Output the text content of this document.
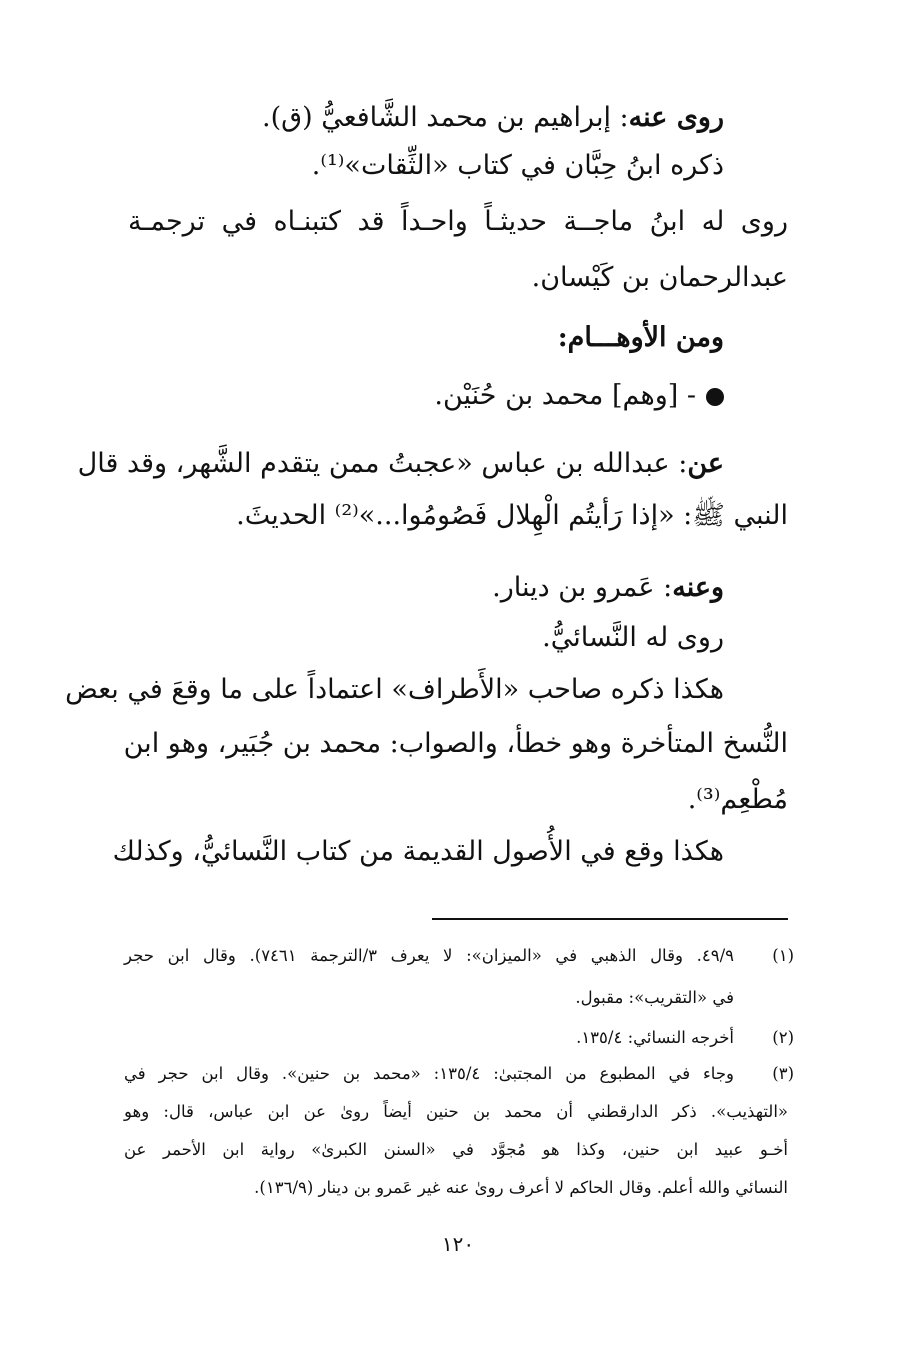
روى عنه: إبراهيم بن محمد الشَّافعيُّ (ق).

ذكره ابنُ حِبَّان في كتاب «الثِّقات»⁽¹⁾.

روى له ابنُ ماجــة حديثـاً واحـداً قد كتبنـاه في ترجمـة

عبدالرحمان بن كَيْسان.

ومن الأوهـــام:

- [وهم] محمد بن حُنَيْن.

عن: عبدالله بن عباس «عجبتُ ممن يتقدم الشَّهر، وقد قال

النبي ﷺ: «إذا رَأيتُم الْهِلال فَصُومُوا...»⁽²⁾ الحديثَ.

وعنه: عَمرو بن دينار.

روى له النَّسائيُّ.

هكذا ذكره صاحب «الأَطراف» اعتماداً على ما وقعَ في بعض

النُّسخ المتأخرة وهو خطأ، والصواب: محمد بن جُبَير، وهو ابن

مُطْعِم⁽³⁾.

هكذا وقع في الأُصول القديمة من كتاب النَّسائيُّ، وكذلك

(١)

٤٩/٩. وقال الذهبي في «الميزان»: لا يعرف ٣/الترجمة ٧٤٦١). وقال ابن حجر

في «التقريب»: مقبول.

(٢)

أخرجه النسائي: ١٣٥/٤.

(٣)

وجاء في المطبوع من المجتبىٰ: ١٣٥/٤: «محمد بن حنين». وقال ابن حجر في

«التهذيب». ذكر الدارقطني أن محمد بن حنين أيضاً روىٰ عن ابن عباس، قال: وهو

أخـو عبيد ابن حنين، وكذا هو مُجوَّد في «السنن الكبرىٰ» رواية ابن الأحمر عن

النسائي والله أعلم. وقال الحاكم لا أعرف روىٰ عنه غير عَمرو بن دينار (١٣٦/٩).

١٢٠
